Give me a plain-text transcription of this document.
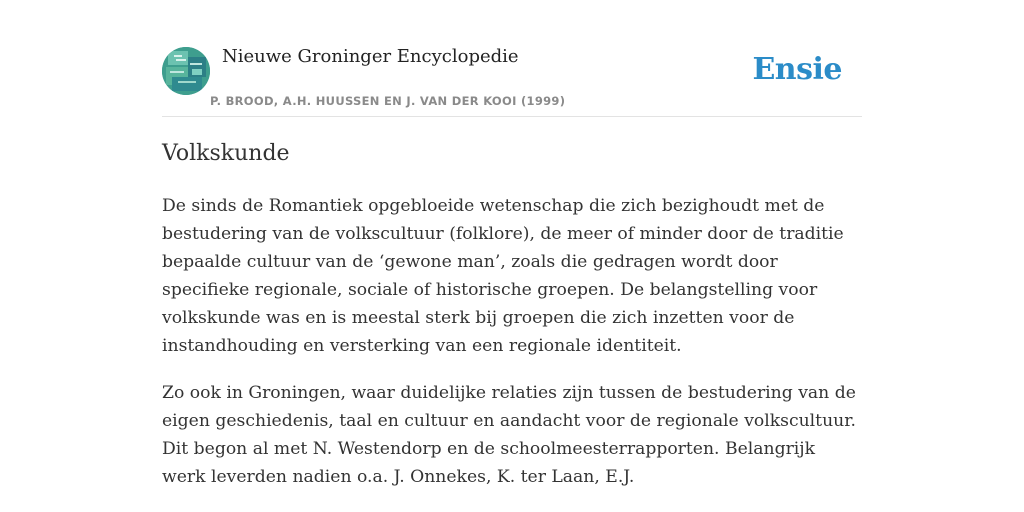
Nieuwe Groninger Encyclopedie
P. BROOD, A.H. HUUSSEN EN J. VAN DER KOOI (1999)
Ensie
Volkskunde

De sinds de Romantiek opgebloeide wetenschap die zich bezighoudt met de bestudering van de volkscultuur (folklore), de meer of minder door de traditie bepaalde cultuur van de ‘gewone man’, zoals die gedragen wordt door specifieke regionale, sociale of historische groepen. De belangstelling voor volkskunde was en is meestal sterk bij groepen die zich inzetten voor de instandhouding en versterking van een regionale identiteit.

Zo ook in Groningen, waar duidelijke relaties zijn tussen de bestudering van de eigen geschiedenis, taal en cultuur en aandacht voor de regionale volkscultuur. Dit begon al met N. Westendorp en de schoolmeesterrapporten. Belangrijk werk leverden nadien o.a. J. Onnekes, K. ter Laan, E.J.
